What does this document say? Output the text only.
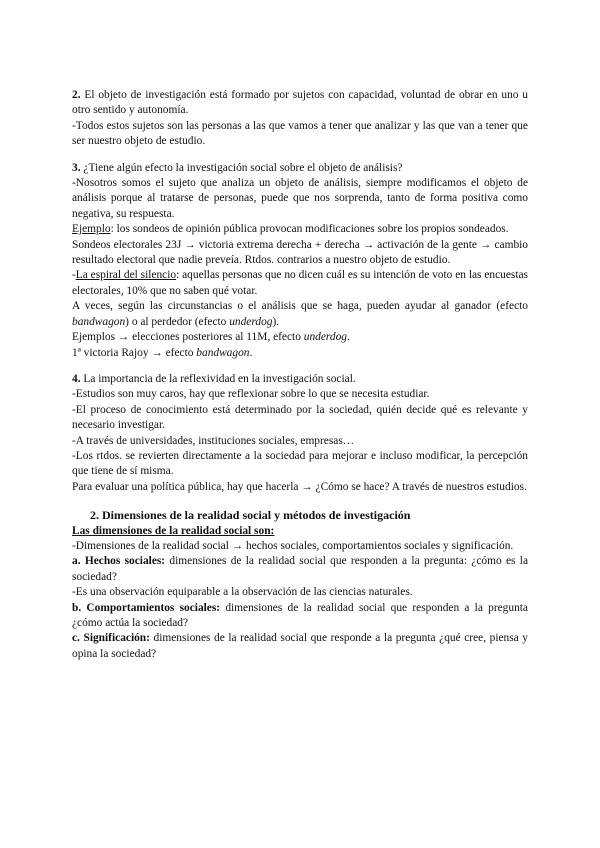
2. El objeto de investigación está formado por sujetos con capacidad, voluntad de obrar en uno u otro sentido y autonomía.

-Todos estos sujetos son las personas a las que vamos a tener que analizar y las que van a tener que ser nuestro objeto de estudio.

3. ¿Tiene algún efecto la investigación social sobre el objeto de análisis?

-Nosotros somos el sujeto que analiza un objeto de análisis, siempre modificamos el objeto de análisis porque al tratarse de personas, puede que nos sorprenda, tanto de forma positiva como negativa, su respuesta.

Ejemplo: los sondeos de opinión pública provocan modificaciones sobre los propios sondeados.

Sondeos electorales 23J → victoria extrema derecha + derecha → activación de la gente → cambio resultado electoral que nadie preveía. Rtdos. contrarios a nuestro objeto de estudio.

-La espiral del silencio: aquellas personas que no dicen cuál es su intención de voto en las encuestas electorales, 10% que no saben qué votar.

A veces, según las circunstancias o el análisis que se haga, pueden ayudar al ganador (efecto bandwagon) o al perdedor (efecto underdog).

Ejemplos → elecciones posteriores al 11M, efecto underdog.

1ª victoria Rajoy → efecto bandwagon.

4. La importancia de la reflexividad en la investigación social.

-Estudios son muy caros, hay que reflexionar sobre lo que se necesita estudiar.

-El proceso de conocimiento está determinado por la sociedad, quién decide qué es relevante y necesario investigar.

-A través de universidades, instituciones sociales, empresas…

-Los rtdos. se revierten directamente a la sociedad para mejorar e incluso modificar, la percepción que tiene de sí misma.

Para evaluar una política pública, hay que hacerla → ¿Cómo se hace? A través de nuestros estudios.

2. Dimensiones de la realidad social y métodos de investigación

Las dimensiones de la realidad social son:

-Dimensiones de la realidad social → hechos sociales, comportamientos sociales y significación.

a. Hechos sociales: dimensiones de la realidad social que responden a la pregunta: ¿cómo es la sociedad?

-Es una observación equiparable a la observación de las ciencias naturales.

b. Comportamientos sociales: dimensiones de la realidad social que responden a la pregunta ¿cómo actúa la sociedad?

c. Significación: dimensiones de la realidad social que responde a la pregunta ¿qué cree, piensa y opina la sociedad?
